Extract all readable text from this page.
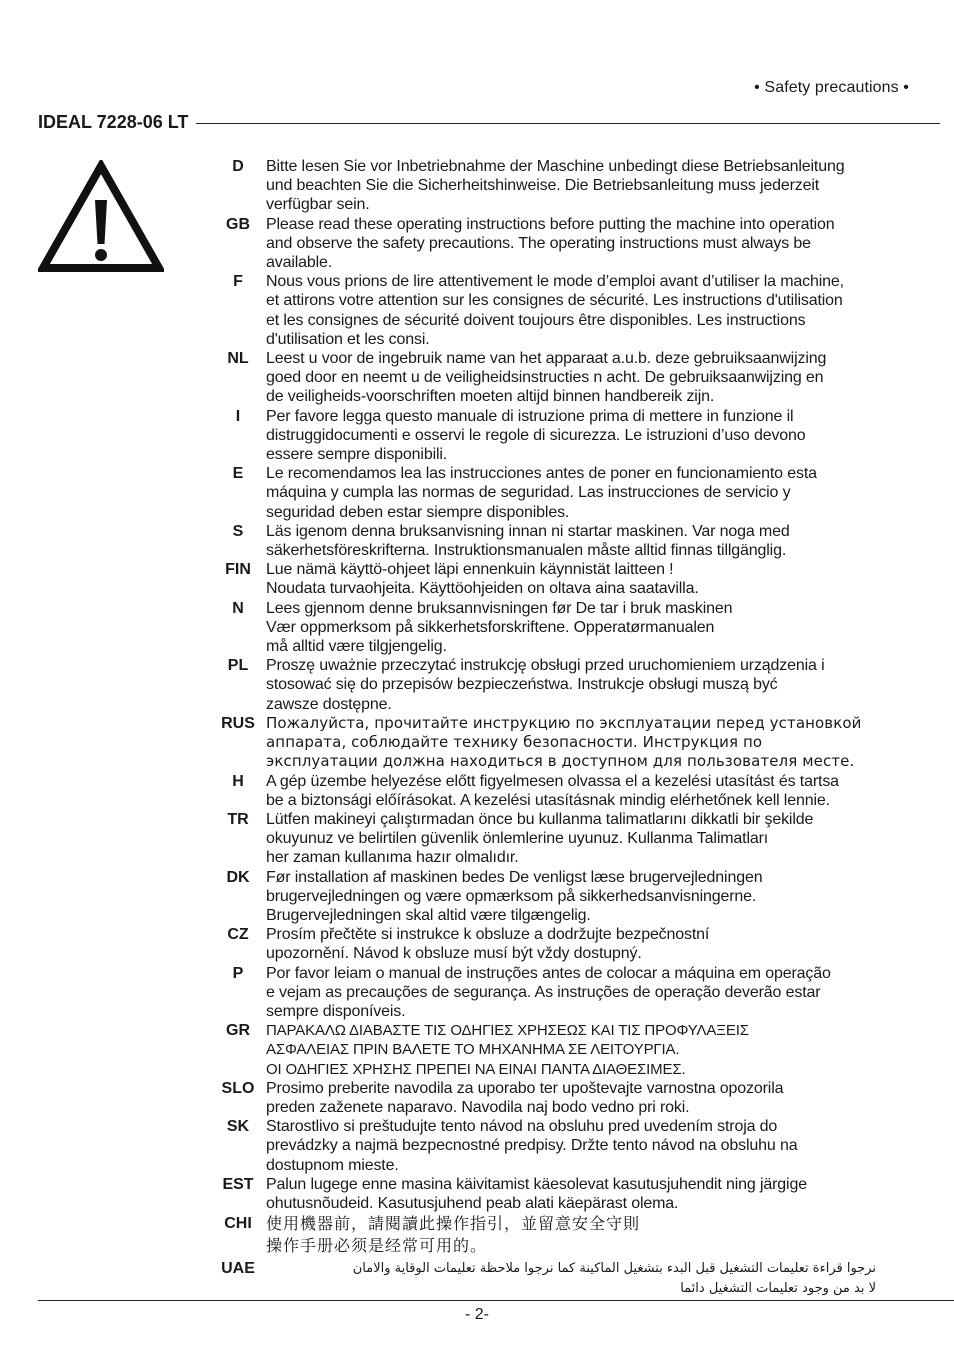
• Safety precautions •
IDEAL 7228-06 LT
D	Bitte lesen Sie vor Inbetriebnahme der Maschine unbedingt diese Betriebsanleitung
und beachten Sie die Sicherheitshinweise. Die Betriebsanleitung muss jederzeit
verfügbar sein.
GB	Please read these operating instructions before putting the machine into operation
and observe the safety precautions. The operating instructions must always be
available.
F	Nous vous prions de lire attentivement le mode d’emploi avant d’utiliser la machine,
et attirons votre attention sur les consignes de sécurité. Les instructions d'utilisation
et les consignes de sécurité doivent toujours être disponibles. Les instructions
d'utilisation et les consi.
NL	Leest u voor de ingebruik name van het apparaat a.u.b. deze gebruiksaanwijzing
goed door en neemt u de veiligheidsinstructies n acht. De gebruiksaanwijzing en
de veiligheids-voorschriften moeten altijd binnen handbereik zijn.
I	Per favore legga questo manuale di istruzione prima di mettere in funzione il
distruggidocumenti e osservi le regole di sicurezza. Le istruzioni d’uso devono
essere sempre disponibili.
E	Le recomendamos lea las instrucciones antes de poner en funcionamiento esta
máquina y cumpla las normas de seguridad. Las instrucciones de servicio y
seguridad deben estar siempre disponibles.
S	Läs igenom denna bruksanvisning innan ni startar maskinen. Var noga med
säkerhetsföreskrifterna. Instruktionsmanualen måste alltid finnas tillgänglig.
FIN Lue nämä käyttö-ohjeet läpi ennenkuin käynnistät laitteen !
Noudata turvaohjeita. Käyttöohjeiden on oltava aina saatavilla.
N	Lees gjennom denne bruksannvisningen før De tar i bruk maskinen
Vær oppmerksom på sikkerhetsforskriftene. Opperatørmanualen
må alltid være tilgjengelig.
PL	Proszę uważnie przeczytać instrukcję obsługi przed uruchomieniem urządzenia i
stosować się do przepisów bezpieczeństwa. Instrukcje obsługi muszą być
zawsze dostępne.
RUS Пожалуйста, прочитайте инструкцию по эксплуатации перед установкой
аппарата, соблюдайте технику безопасности. Инструкция по
эксплуатации должна находиться в доступном для пользователя месте.
H	A gép üzembe helyezése előtt figyelmesen olvassa el a kezelési utasítást és tartsa
be a biztonsági előírásokat. A kezelési utasításnak mindig elérhetőnek kell lennie.
TR	Lütfen makineyi çalıştırmadan önce bu kullanma talimatlarını dikkatli bir şekilde
okuyunuz ve belirtilen güvenlik önlemlerine uyunuz. Kullanma Talimatları
her zaman kullanıma hazır olmalıdır.
DK	Før installation af maskinen bedes De venligst læse brugervejledningen
brugervejledningen og være opmærksom på sikkerhedsanvisningerne.
Brugervejledningen skal altid være tilgængelig.
CZ	Prosím přečtěte si instrukce k obsluze a dodržujte bezpečnostní
upozornění. Návod k obsluze musí být vždy dostupný.
P	Por favor leiam o manual de instruções antes de colocar a máquina em operação
e vejam as precauções de segurança. As instruções de operação deverão estar
sempre disponíveis.
GR	ΠΑΡΑΚΑΛΩ ΔΙΑΒΑΣΤΕ ΤΙΣ ΟΔΗΓΙΕΣ ΧΡΗΣΕΩΣ ΚΑΙ ΤΙΣ ΠΡΟΦΥΛΑΞΕΙΣ
ΑΣΦΑΛΕΙΑΣ ΠΡΙΝ ΒΑΛΕΤΕ ΤΟ ΜΗΧΑΝΗΜΑ ΣΕ ΛΕΙΤΟΥΡΓΙΑ.
ΟΙ ΟΔΗΓΙΕΣ ΧΡΗΣΗΣ ΠΡΕΠΕΙ ΝΑ ΕΙΝΑΙ ΠΑΝΤΑ ΔΙΑΘΕΣΙΜΕΣ.
SLO Prosimo preberite navodila za uporabo ter upoštevajte varnostna opozorila
preden zaženete naparavo. Navodila naj bodo vedno pri roki.
SK	Starostlivo si preštudujte tento návod na obsluhu pred uvedením stroja do
prevádzky a najmä bezpecnostné predpisy. Držte tento návod na obsluhu na
dostupnom mieste.
EST Palun lugege enne masina käivitamist käesolevat kasutusjuhendit ning järgige
ohutusnõudeid. Kasutusjuhend peab alati käepärast olema.
CHI 使用機器前，請閱讀此操作指引，並留意安全守則
操作手册必须是经常可用的。
UAE	نرجوا قراءة تعليمات التشغيل قبل البدء بتشغيل الماكينة كما نرجوا ملاحظة تعليمات الوقاية والامان
لا بد من وجود تعليمات التشغيل دائما
- 2-
